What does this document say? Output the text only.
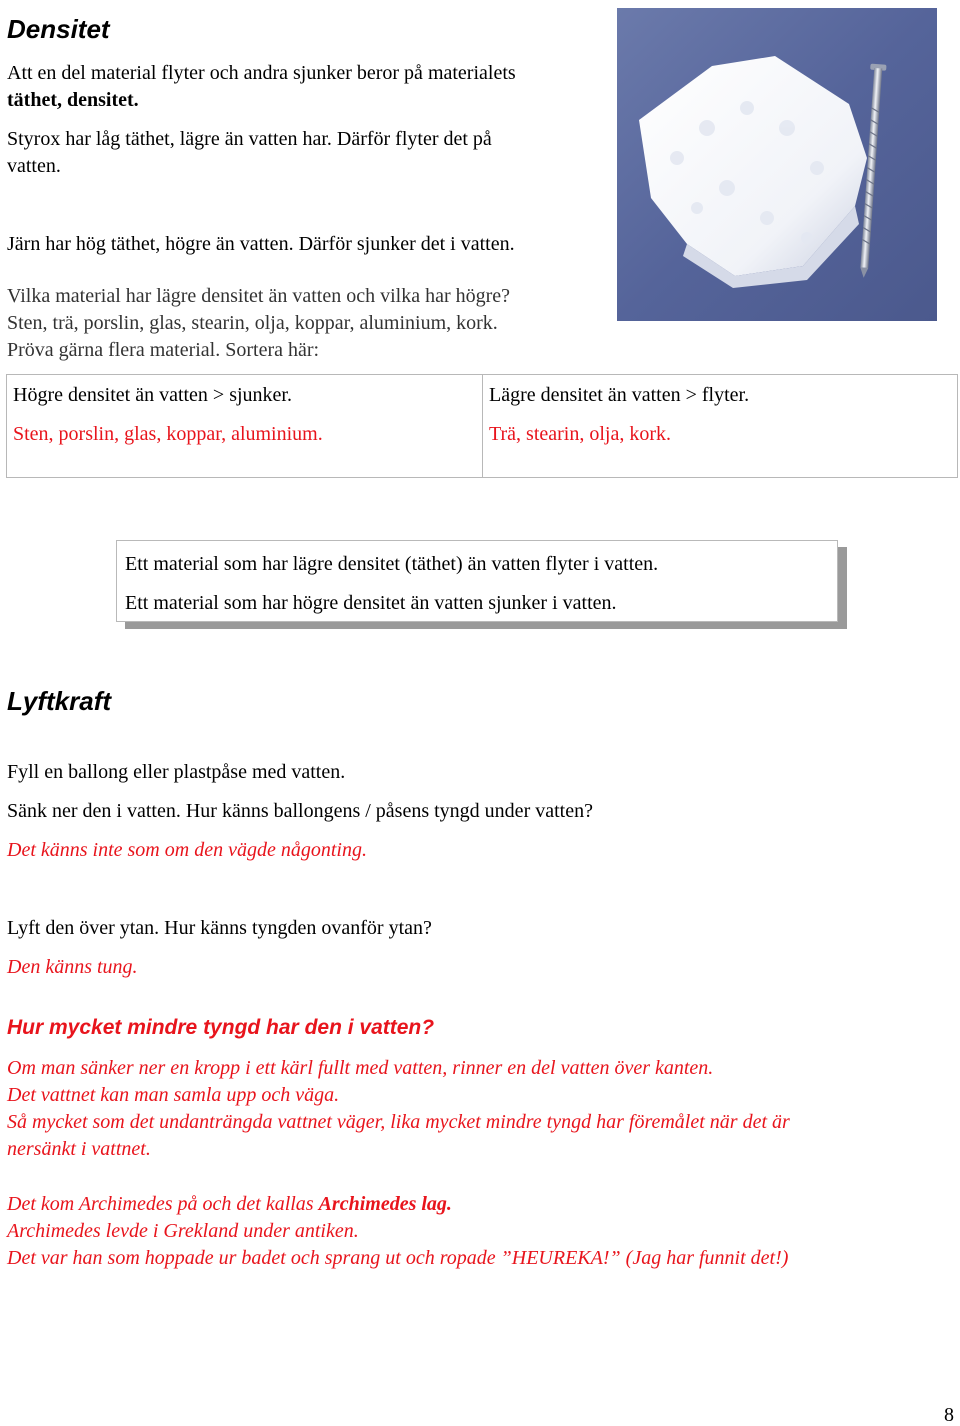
Densitet
Att en del material flyter och andra sjunker beror på materialets
täthet, densitet.
Styrox har låg täthet, lägre än vatten har. Därför flyter det på
vatten.
Järn har hög täthet, högre än vatten. Därför sjunker det i vatten.
Vilka material har lägre densitet än vatten och vilka har högre?
Sten, trä, porslin, glas, stearin, olja, koppar, aluminium, kork.
Pröva gärna flera material. Sortera här:
Högre densitet än vatten > sjunker.
Sten, porslin, glas, koppar, aluminium.
Lägre densitet än vatten > flyter.
Trä, stearin, olja, kork.
Ett material som har lägre densitet (täthet) än vatten flyter i vatten.
Ett material som har högre densitet än vatten sjunker i vatten.
Lyftkraft
Fyll en ballong eller plastpåse med vatten.
Sänk ner den i vatten. Hur känns ballongens / påsens tyngd under vatten?
Det känns inte som om den vägde någonting.
Lyft den över ytan. Hur känns tyngden ovanför ytan?
Den känns tung.
Hur mycket mindre tyngd har den i vatten?
Om man sänker ner en kropp i ett kärl fullt med vatten, rinner en del vatten över kanten.
Det vattnet kan man samla upp och väga.
Så mycket som det undanträngda vattnet väger, lika mycket mindre tyngd har föremålet när det är
nersänkt i vattnet.
Det kom Archimedes på och det kallas Archimedes lag.
Archimedes levde i Grekland under antiken.
Det var han som hoppade ur badet och sprang ut och ropade ”HEUREKA!” (Jag har funnit det!)
8
